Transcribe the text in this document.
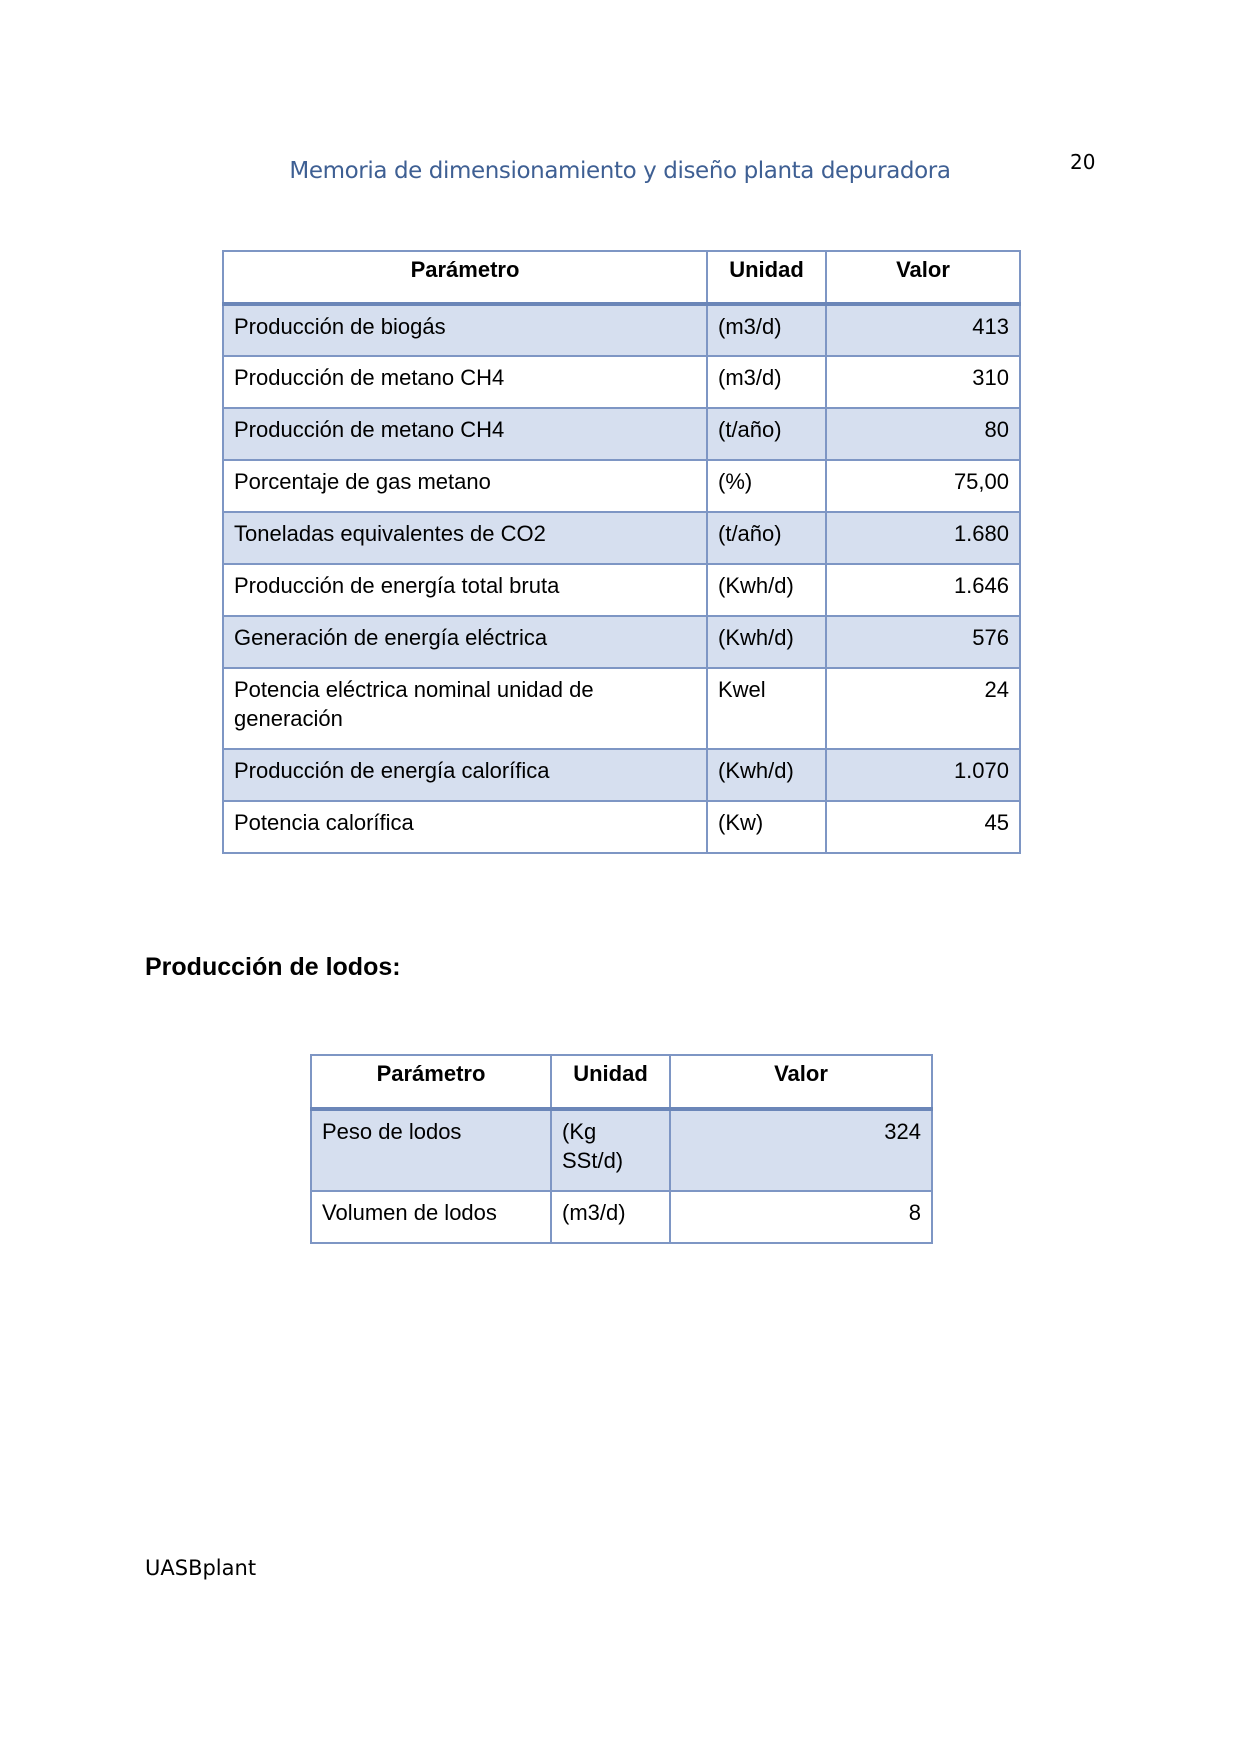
Memoria de dimensionamiento y diseño planta depuradora	20
Parámetro	Unidad	Valor
Producción de biogás	(m3/d)	413
Producción de metano CH4	(m3/d)	310
Producción de metano CH4	(t/año)	80
Porcentaje de gas metano	(%)	75,00
Toneladas equivalentes de CO2	(t/año)	1.680
Producción de energía total bruta	(Kwh/d)	1.646
Generación de energía eléctrica	(Kwh/d)	576
Potencia eléctrica nominal unidad de generación	Kwel	24
Producción de energía calorífica	(Kwh/d)	1.070
Potencia calorífica	(Kw)	45
Producción de lodos:
Parámetro	Unidad	Valor
Peso de lodos	(Kg SSt/d)	324
Volumen de lodos	(m3/d)	8
UASBplant
